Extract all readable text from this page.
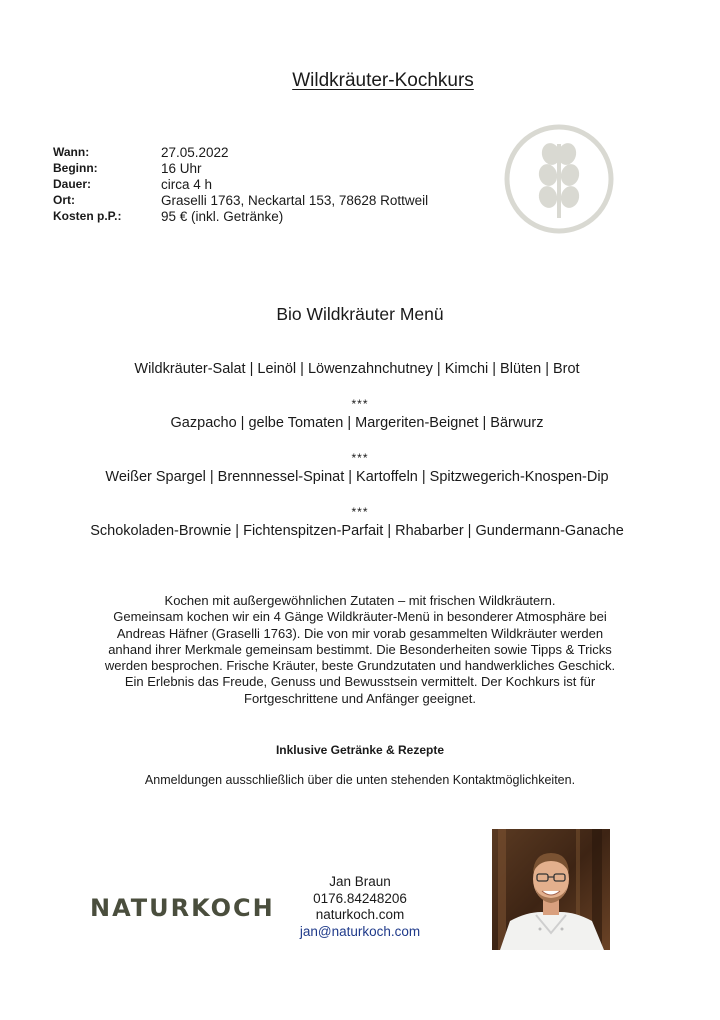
Wildkräuter-Kochkurs
Wann:
Beginn:
Dauer:
Ort:
Kosten p.P.:
27.05.2022
16 Uhr
circa 4 h
Graselli 1763, Neckartal 153, 78628 Rottweil
95 € (inkl. Getränke)
Bio Wildkräuter Menü
Wildkräuter-Salat | Leinöl | Löwenzahnchutney | Kimchi | Blüten | Brot
***
Gazpacho | gelbe Tomaten | Margeriten-Beignet | Bärwurz
***
Weißer Spargel | Brennnessel-Spinat | Kartoffeln | Spitzwegerich-Knospen-Dip
***
Schokoladen-Brownie | Fichtenspitzen-Parfait | Rhabarber | Gundermann-Ganache
Kochen mit außergewöhnlichen Zutaten – mit frischen Wildkräutern.
Gemeinsam kochen wir ein 4 Gänge Wildkräuter-Menü in besonderer Atmosphäre bei
Andreas Häfner (Graselli 1763). Die von mir vorab gesammelten Wildkräuter werden
anhand ihrer Merkmale gemeinsam bestimmt. Die Besonderheiten sowie Tipps & Tricks
werden besprochen. Frische Kräuter, beste Grundzutaten und handwerkliches Geschick.
Ein Erlebnis das Freude, Genuss und Bewusstsein vermittelt. Der Kochkurs ist für
Fortgeschrittene und Anfänger geeignet.
Inklusive Getränke & Rezepte
Anmeldungen ausschließlich über die unten stehenden Kontaktmöglichkeiten.
NATURKOCH
Jan Braun
0176.84248206
naturkoch.com
jan@naturkoch.com
